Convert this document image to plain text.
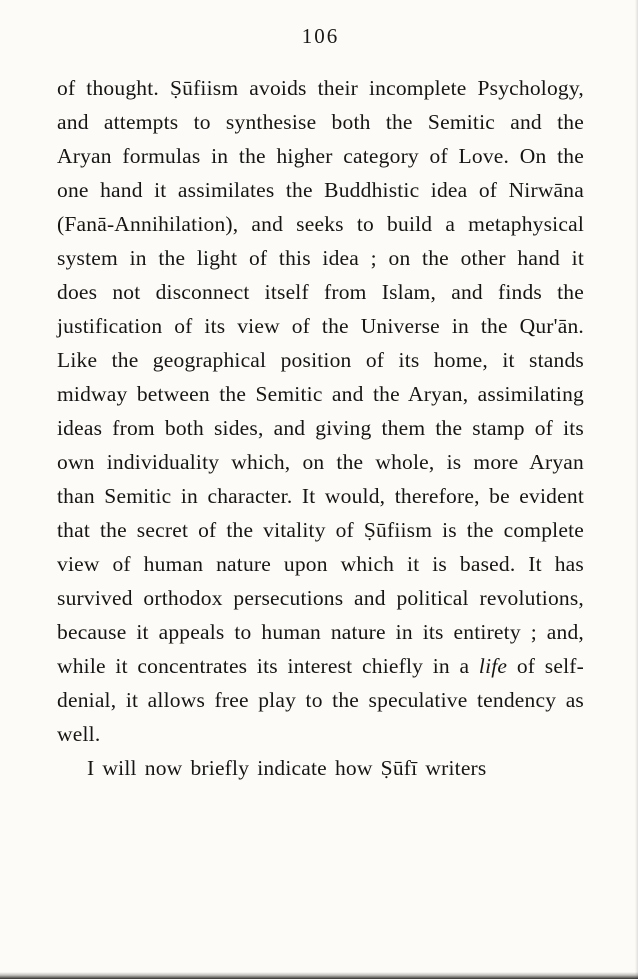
106

of thought. Ṣūfiism avoids their incomplete Psychology, and attempts to synthesise both the Semitic and the Aryan formulas in the higher category of Love. On the one hand it assimilates the Buddhistic idea of Nirwāna (Fanā-Annihilation), and seeks to build a metaphysical system in the light of this idea ; on the other hand it does not disconnect itself from Islam, and finds the justification of its view of the Universe in the Qur'ān. Like the geographical position of its home, it stands midway between the Semitic and the Aryan, assimilating ideas from both sides, and giving them the stamp of its own individuality which, on the whole, is more Aryan than Semitic in character. It would, therefore, be evident that the secret of the vitality of Ṣūfiism is the complete view of human nature upon which it is based. It has survived orthodox persecutions and political revolutions, because it appeals to human nature in its entirety ; and, while it concentrates its interest chiefly in a life of self-denial, it allows free play to the speculative tendency as well.

I will now briefly indicate how Ṣūfī writers
